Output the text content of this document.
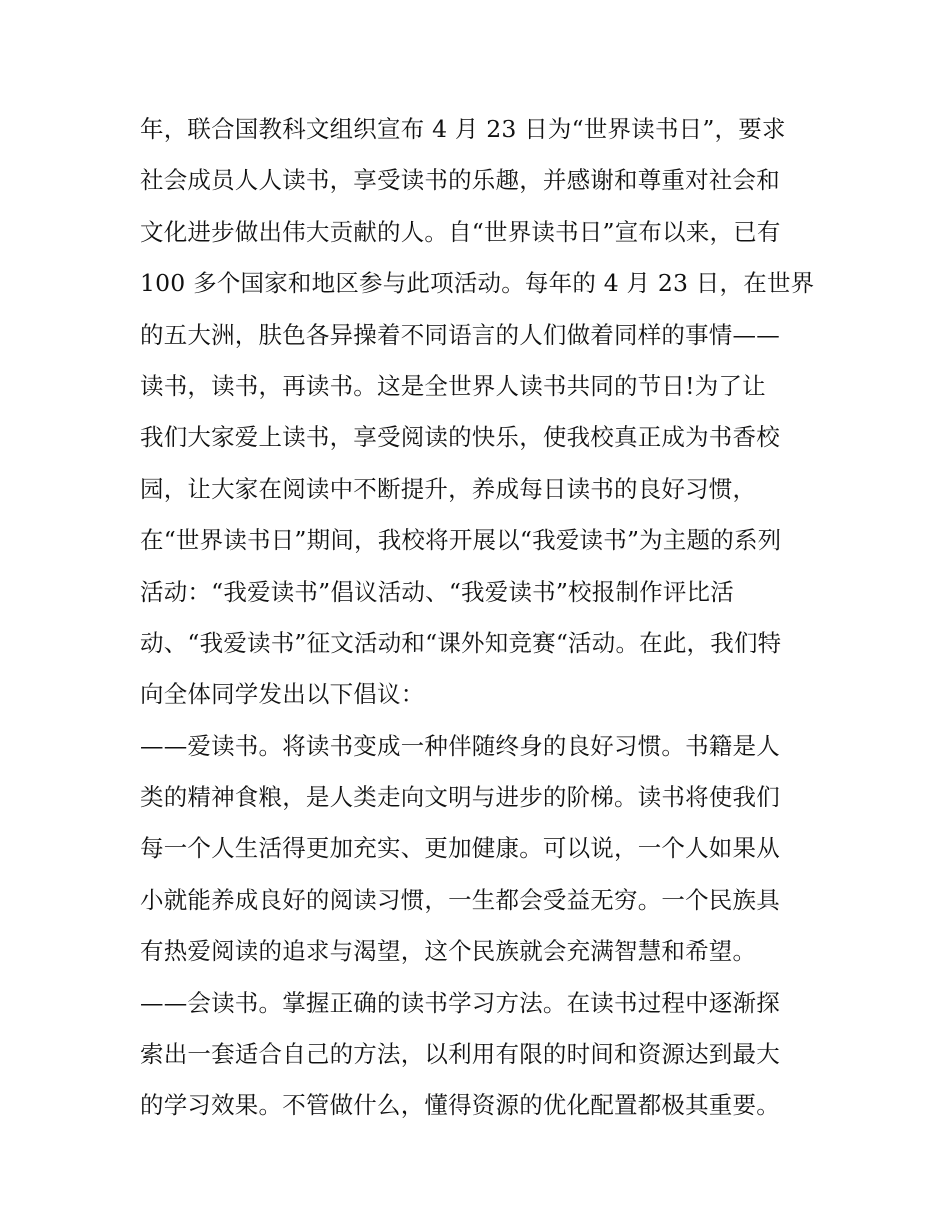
年，联合国教科文组织宣布 4 月 23 日为“世界读书日”，要求
社会成员人人读书，享受读书的乐趣，并感谢和尊重对社会和
文化进步做出伟大贡献的人。自“世界读书日”宣布以来，已有
100 多个国家和地区参与此项活动。每年的 4 月 23 日，在世界
的五大洲，肤色各异操着不同语言的人们做着同样的事情——
读书，读书，再读书。这是全世界人读书共同的节日!为了让
我们大家爱上读书，享受阅读的快乐，使我校真正成为书香校
园，让大家在阅读中不断提升，养成每日读书的良好习惯，
在“世界读书日”期间，我校将开展以“我爱读书”为主题的系列
活动：“我爱读书”倡议活动、“我爱读书”校报制作评比活
动、“我爱读书”征文活动和“课外知竞赛“活动。在此，我们特
向全体同学发出以下倡议：
——爱读书。将读书变成一种伴随终身的良好习惯。书籍是人
类的精神食粮，是人类走向文明与进步的阶梯。读书将使我们
每一个人生活得更加充实、更加健康。可以说，一个人如果从
小就能养成良好的阅读习惯，一生都会受益无穷。一个民族具
有热爱阅读的追求与渴望，这个民族就会充满智慧和希望。
——会读书。掌握正确的读书学习方法。在读书过程中逐渐探
索出一套适合自己的方法，以利用有限的时间和资源达到最大
的学习效果。不管做什么，懂得资源的优化配置都极其重要。
